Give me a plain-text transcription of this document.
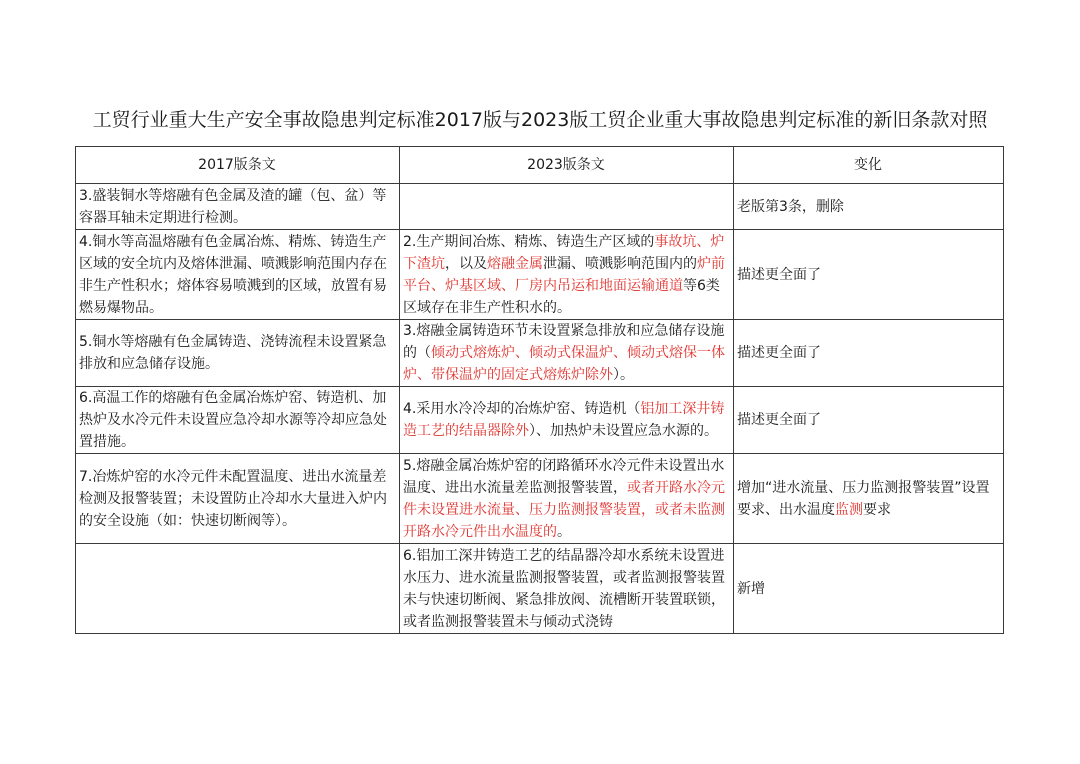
工贸行业重大生产安全事故隐患判定标准2017版与2023版工贸企业重大事故隐患判定标准的新旧条款对照
2017版条文	2023版条文	变化
3.盛装铜水等熔融有色金属及渣的罐（包、盆）等容器耳轴未定期进行检测。		老版第3条，删除
4.铜水等高温熔融有色金属冶炼、精炼、铸造生产区域的安全坑内及熔体泄漏、喷溅影响范围内存在非生产性积水；熔体容易喷溅到的区域，放置有易燃易爆物品。	2.生产期间冶炼、精炼、铸造生产区域的事故坑、炉下渣坑，以及熔融金属泄漏、喷溅影响范围内的炉前平台、炉基区域、厂房内吊运和地面运输通道等6类区域存在非生产性积水的。	描述更全面了
5.铜水等熔融有色金属铸造、浇铸流程未设置紧急排放和应急储存设施。	3.熔融金属铸造环节未设置紧急排放和应急储存设施的（倾动式熔炼炉、倾动式保温炉、倾动式熔保一体炉、带保温炉的固定式熔炼炉除外）。	描述更全面了
6.高温工作的熔融有色金属冶炼炉窑、铸造机、加热炉及水冷元件未设置应急冷却水源等冷却应急处置措施。	4.采用水冷冷却的冶炼炉窑、铸造机（铝加工深井铸造工艺的结晶器除外）、加热炉未设置应急水源的。	描述更全面了
7.冶炼炉窑的水冷元件未配置温度、进出水流量差检测及报警装置；未设置防止冷却水大量进入炉内的安全设施（如：快速切断阀等）。	5.熔融金属冶炼炉窑的闭路循环水冷元件未设置出水温度、进出水流量差监测报警装置，或者开路水冷元件未设置进水流量、压力监测报警装置，或者未监测开路水冷元件出水温度的。	增加“进水流量、压力监测报警装置”设置要求、出水温度监测要求

	6.铝加工深井铸造工艺的结晶器冷却水系统未设置进水压力、进水流量监测报警装置，或者监测报警装置未与快速切断阀、紧急排放阀、流槽断开装置联锁，或者监测报警装置未与倾动式浇铸	新增
